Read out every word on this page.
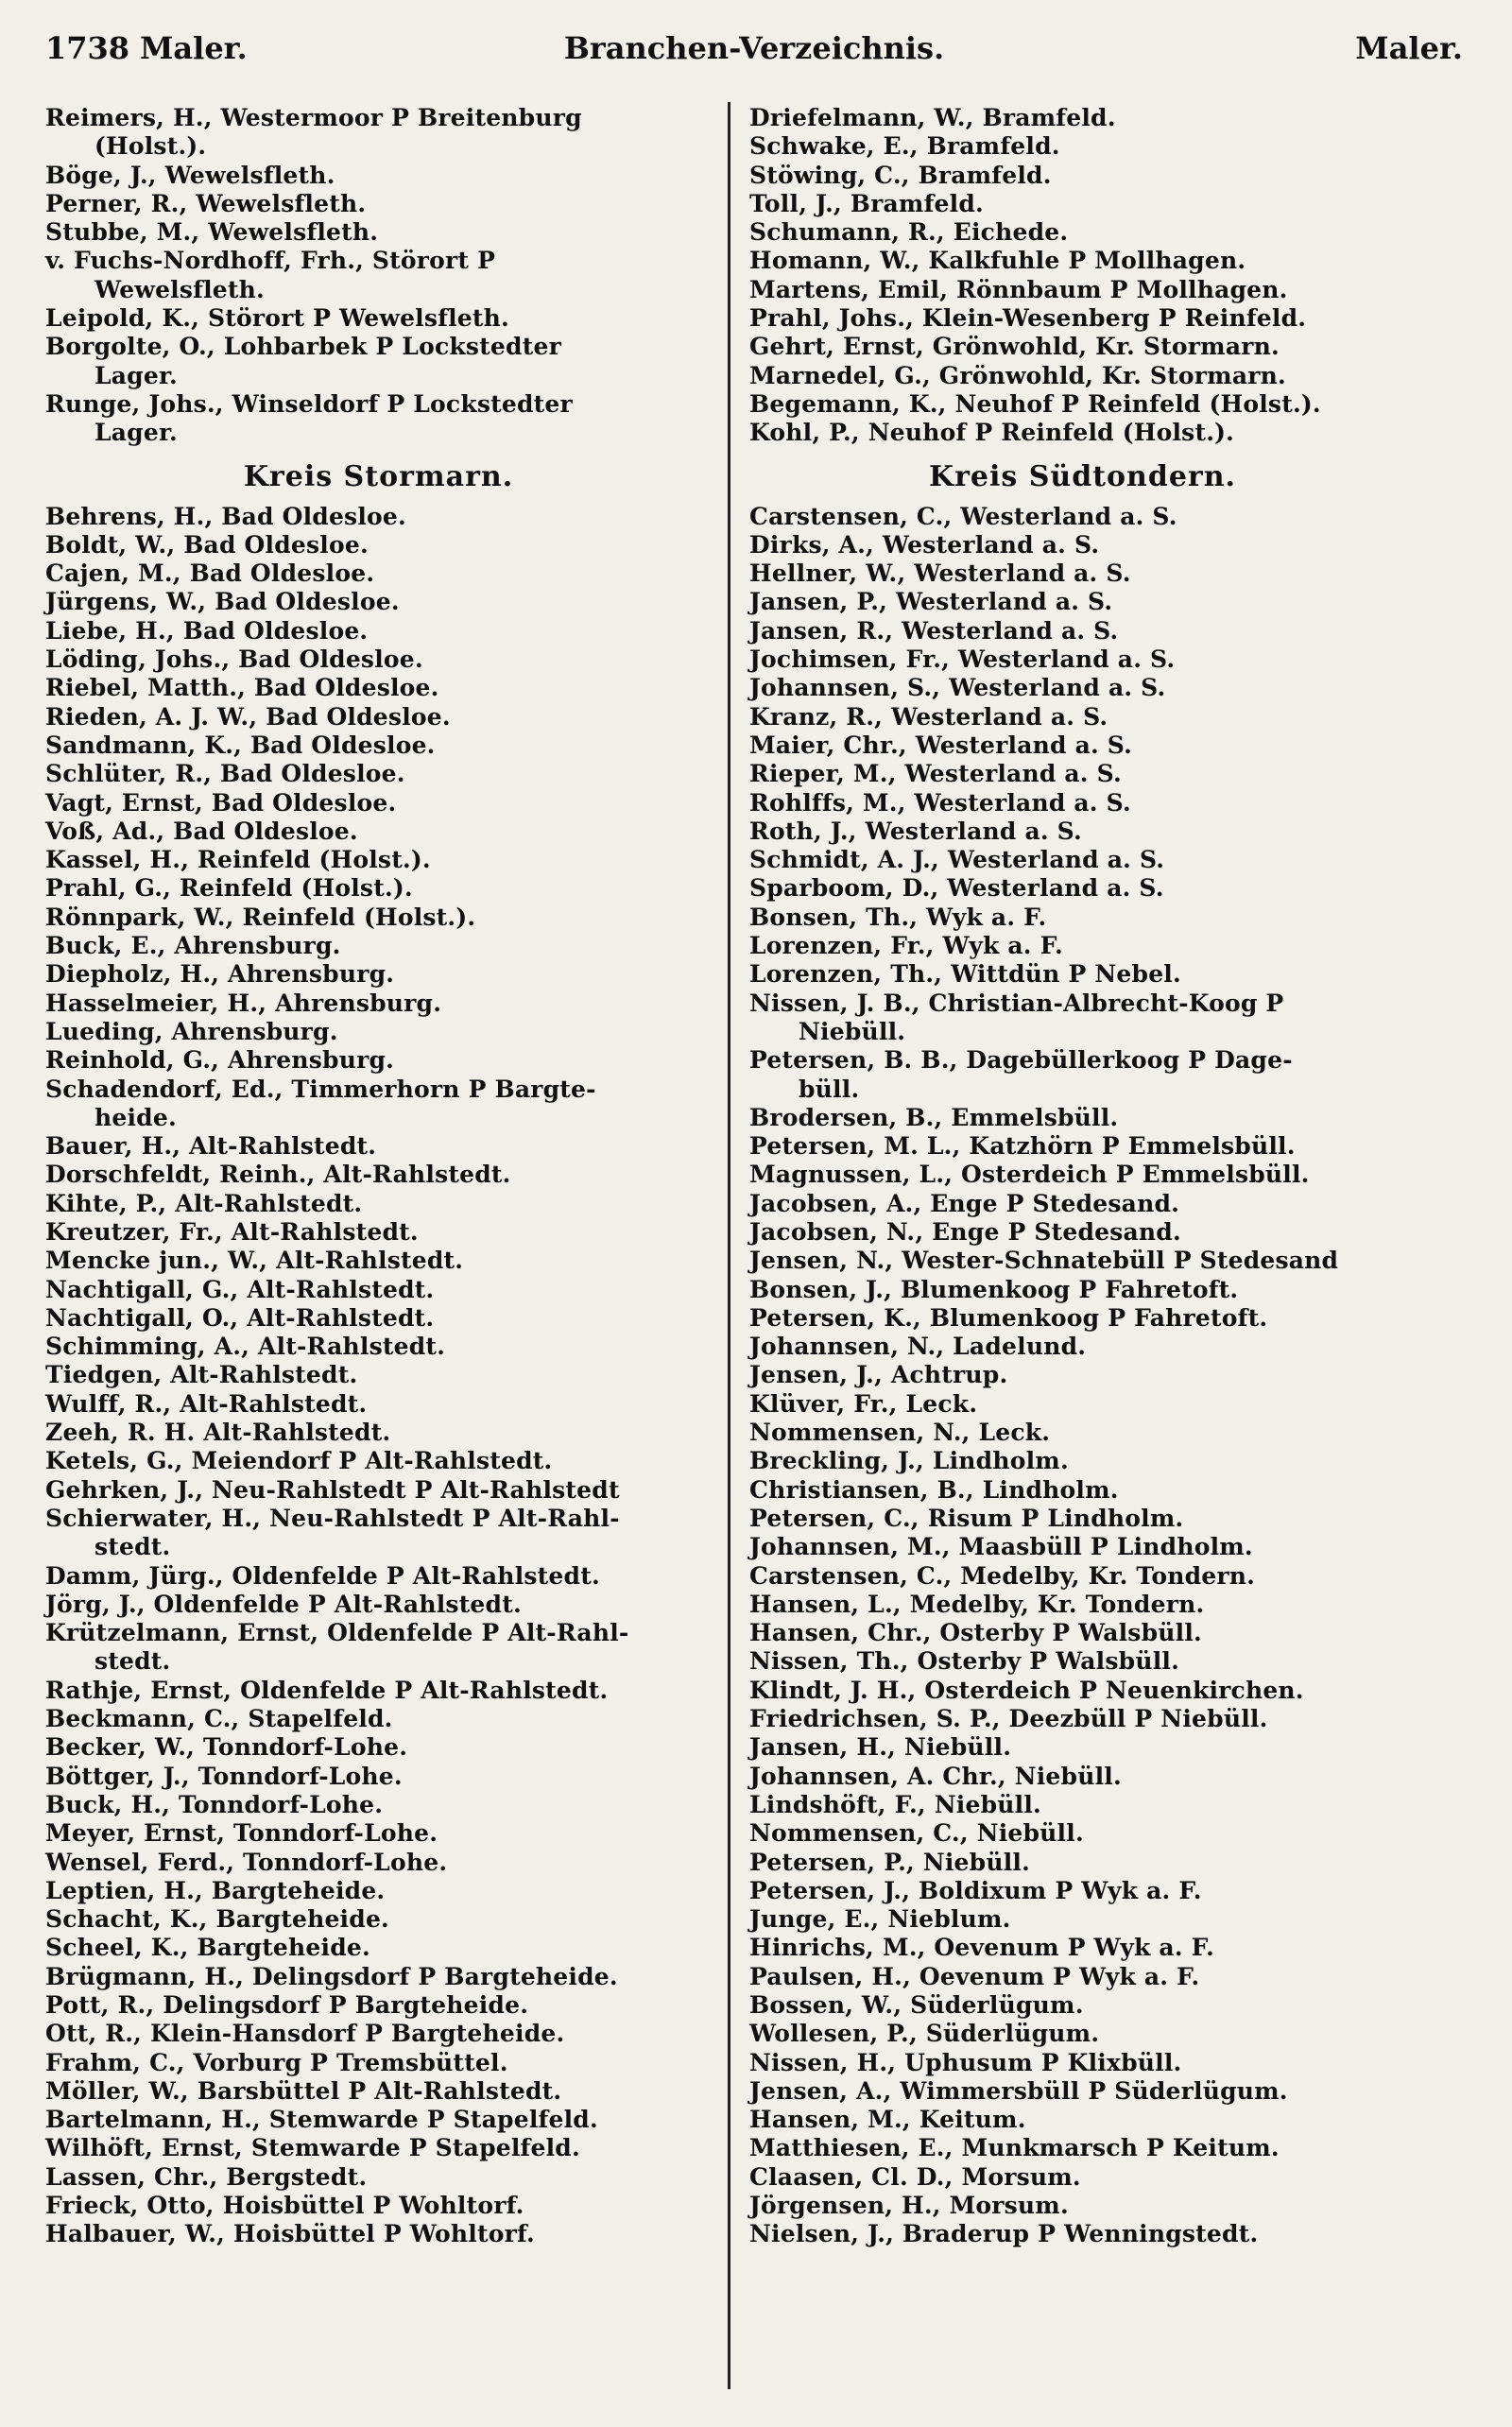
1738 Maler.	Branchen-Verzeichnis.	Maler.
Reimers, H., Westermoor P Breitenburg
(Holst.).
Böge, J., Wewelsfleth.
Perner, R., Wewelsfleth.
Stubbe, M., Wewelsfleth.
v. Fuchs-Nordhoff, Frh., Störort P
Wewelsfleth.
Leipold, K., Störort P Wewelsfleth.
Borgolte, O., Lohbarbek P Lockstedter
Lager.
Runge, Johs., Winseldorf P Lockstedter
Lager.
Kreis Stormarn.
Behrens, H., Bad Oldesloe.
Boldt, W., Bad Oldesloe.
Cajen, M., Bad Oldesloe.
Jürgens, W., Bad Oldesloe.
Liebe, H., Bad Oldesloe.
Löding, Johs., Bad Oldesloe.
Riebel, Matth., Bad Oldesloe.
Rieden, A. J. W., Bad Oldesloe.
Sandmann, K., Bad Oldesloe.
Schlüter, R., Bad Oldesloe.
Vagt, Ernst, Bad Oldesloe.
Voß, Ad., Bad Oldesloe.
Kassel, H., Reinfeld (Holst.).
Prahl, G., Reinfeld (Holst.).
Rönnpark, W., Reinfeld (Holst.).
Buck, E., Ahrensburg.
Diepholz, H., Ahrensburg.
Hasselmeier, H., Ahrensburg.
Lueding, Ahrensburg.
Reinhold, G., Ahrensburg.
Schadendorf, Ed., Timmerhorn P Bargte-
heide.
Bauer, H., Alt-Rahlstedt.
Dorschfeldt, Reinh., Alt-Rahlstedt.
Kihte, P., Alt-Rahlstedt.
Kreutzer, Fr., Alt-Rahlstedt.
Mencke jun., W., Alt-Rahlstedt.
Nachtigall, G., Alt-Rahlstedt.
Nachtigall, O., Alt-Rahlstedt.
Schimming, A., Alt-Rahlstedt.
Tiedgen, Alt-Rahlstedt.
Wulff, R., Alt-Rahlstedt.
Zeeh, R. H. Alt-Rahlstedt.
Ketels, G., Meiendorf P Alt-Rahlstedt.
Gehrken, J., Neu-Rahlstedt P Alt-Rahlstedt
Schierwater, H., Neu-Rahlstedt P Alt-Rahl-
stedt.
Damm, Jürg., Oldenfelde P Alt-Rahlstedt.
Jörg, J., Oldenfelde P Alt-Rahlstedt.
Krützelmann, Ernst, Oldenfelde P Alt-Rahl-
stedt.
Rathje, Ernst, Oldenfelde P Alt-Rahlstedt.
Beckmann, C., Stapelfeld.
Becker, W., Tonndorf-Lohe.
Böttger, J., Tonndorf-Lohe.
Buck, H., Tonndorf-Lohe.
Meyer, Ernst, Tonndorf-Lohe.
Wensel, Ferd., Tonndorf-Lohe.
Leptien, H., Bargteheide.
Schacht, K., Bargteheide.
Scheel, K., Bargteheide.
Brügmann, H., Delingsdorf P Bargteheide.
Pott, R., Delingsdorf P Bargteheide.
Ott, R., Klein-Hansdorf P Bargteheide.
Frahm, C., Vorburg P Tremsbüttel.
Möller, W., Barsbüttel P Alt-Rahlstedt.
Bartelmann, H., Stemwarde P Stapelfeld.
Wilhöft, Ernst, Stemwarde P Stapelfeld.
Lassen, Chr., Bergstedt.
Frieck, Otto, Hoisbüttel P Wohltorf.
Halbauer, W., Hoisbüttel P Wohltorf.
Driefelmann, W., Bramfeld.
Schwake, E., Bramfeld.
Stöwing, C., Bramfeld.
Toll, J., Bramfeld.
Schumann, R., Eichede.
Homann, W., Kalkfuhle P Mollhagen.
Martens, Emil, Rönnbaum P Mollhagen.
Prahl, Johs., Klein-Wesenberg P Reinfeld.
Gehrt, Ernst, Grönwohld, Kr. Stormarn.
Marnedel, G., Grönwohld, Kr. Stormarn.
Begemann, K., Neuhof P Reinfeld (Holst.).
Kohl, P., Neuhof P Reinfeld (Holst.).
Kreis Südtondern.
Carstensen, C., Westerland a. S.
Dirks, A., Westerland a. S.
Hellner, W., Westerland a. S.
Jansen, P., Westerland a. S.
Jansen, R., Westerland a. S.
Jochimsen, Fr., Westerland a. S.
Johannsen, S., Westerland a. S.
Kranz, R., Westerland a. S.
Maier, Chr., Westerland a. S.
Rieper, M., Westerland a. S.
Rohlffs, M., Westerland a. S.
Roth, J., Westerland a. S.
Schmidt, A. J., Westerland a. S.
Sparboom, D., Westerland a. S.
Bonsen, Th., Wyk a. F.
Lorenzen, Fr., Wyk a. F.
Lorenzen, Th., Wittdün P Nebel.
Nissen, J. B., Christian-Albrecht-Koog P
Niebüll.
Petersen, B. B., Dagebüllerkoog P Dage-
büll.
Brodersen, B., Emmelsbüll.
Petersen, M. L., Katzhörn P Emmelsbüll.
Magnussen, L., Osterdeich P Emmelsbüll.
Jacobsen, A., Enge P Stedesand.
Jacobsen, N., Enge P Stedesand.
Jensen, N., Wester-Schnatebüll P Stedesand
Bonsen, J., Blumenkoog P Fahretoft.
Petersen, K., Blumenkoog P Fahretoft.
Johannsen, N., Ladelund.
Jensen, J., Achtrup.
Klüver, Fr., Leck.
Nommensen, N., Leck.
Breckling, J., Lindholm.
Christiansen, B., Lindholm.
Petersen, C., Risum P Lindholm.
Johannsen, M., Maasbüll P Lindholm.
Carstensen, C., Medelby, Kr. Tondern.
Hansen, L., Medelby, Kr. Tondern.
Hansen, Chr., Osterby P Walsbüll.
Nissen, Th., Osterby P Walsbüll.
Klindt, J. H., Osterdeich P Neuenkirchen.
Friedrichsen, S. P., Deezbüll P Niebüll.
Jansen, H., Niebüll.
Johannsen, A. Chr., Niebüll.
Lindshöft, F., Niebüll.
Nommensen, C., Niebüll.
Petersen, P., Niebüll.
Petersen, J., Boldixum P Wyk a. F.
Junge, E., Nieblum.
Hinrichs, M., Oevenum P Wyk a. F.
Paulsen, H., Oevenum P Wyk a. F.
Bossen, W., Süderlügum.
Wollesen, P., Süderlügum.
Nissen, H., Uphusum P Klixbüll.
Jensen, A., Wimmersbüll P Süderlügum.
Hansen, M., Keitum.
Matthiesen, E., Munkmarsch P Keitum.
Claasen, Cl. D., Morsum.
Jörgensen, H., Morsum.
Nielsen, J., Braderup P Wenningstedt.
